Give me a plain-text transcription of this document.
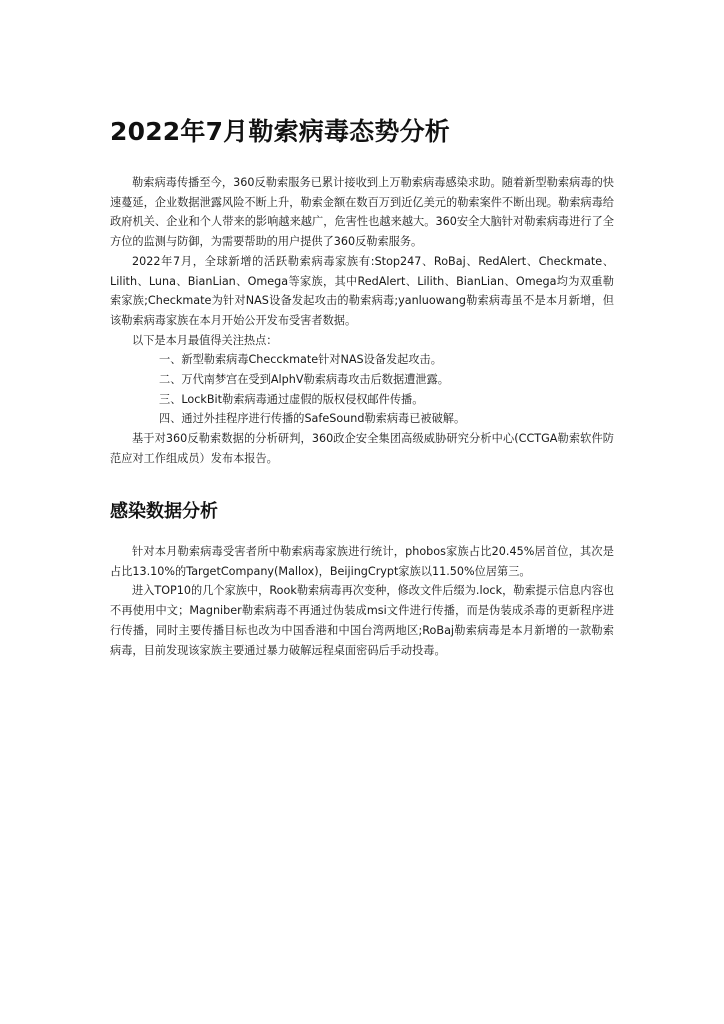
2022年7月勒索病毒态势分析

勒索病毒传播至今，360反勒索服务已累计接收到上万勒索病毒感染求助。随着新型勒索病毒的快速蔓延，企业数据泄露风险不断上升，勒索金额在数百万到近亿美元的勒索案件不断出现。勒索病毒给政府机关、企业和个人带来的影响越来越广，危害性也越来越大。360安全大脑针对勒索病毒进行了全方位的监测与防御，为需要帮助的用户提供了360反勒索服务。

2022年7月，全球新增的活跃勒索病毒家族有:Stop247、RoBaj、RedAlert、Checkmate、Lilith、Luna、BianLian、Omega等家族，其中RedAlert、Lilith、BianLian、Omega均为双重勒索家族;Checkmate为针对NAS设备发起攻击的勒索病毒;yanluowang勒索病毒虽不是本月新增，但该勒索病毒家族在本月开始公开发布受害者数据。

以下是本月最值得关注热点：

一、新型勒索病毒Checckmate针对NAS设备发起攻击。

二、万代南梦宫在受到AlphV勒索病毒攻击后数据遭泄露。

三、LockBit勒索病毒通过虚假的版权侵权邮件传播。

四、通过外挂程序进行传播的SafeSound勒索病毒已被破解。

基于对360反勒索数据的分析研判，360政企安全集团高级威胁研究分析中心(CCTGA勒索软件防范应对工作组成员）发布本报告。

感染数据分析

针对本月勒索病毒受害者所中勒索病毒家族进行统计，phobos家族占比20.45%居首位，其次是占比13.10%的TargetCompany(Mallox)，BeijingCrypt家族以11.50%位居第三。

进入TOP10的几个家族中，Rook勒索病毒再次变种，修改文件后缀为.lock，勒索提示信息内容也不再使用中文；Magniber勒索病毒不再通过伪装成msi文件进行传播，而是伪装成杀毒的更新程序进行传播，同时主要传播目标也改为中国香港和中国台湾两地区;RoBaj勒索病毒是本月新增的一款勒索病毒，目前发现该家族主要通过暴力破解远程桌面密码后手动投毒。
